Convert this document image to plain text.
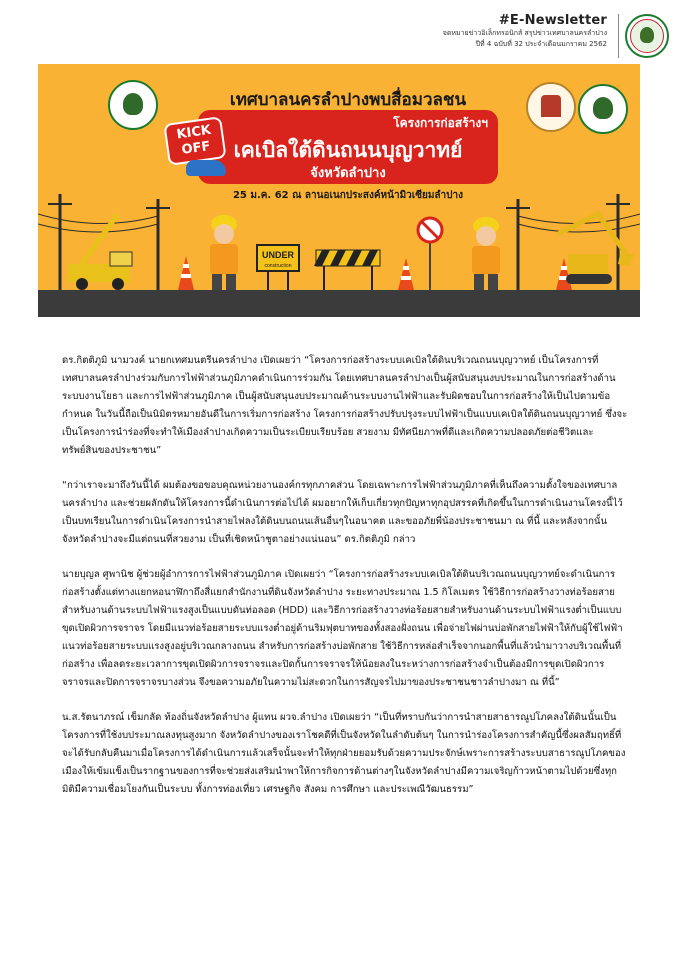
#E-Newsletter
จดหมายข่าวอิเล็กทรอนิกส์ สรุปข่าวเทศบาลนครลำปาง
ปีที่ 4 ฉบับที่ 32 ประจำเดือนมกราคม 2562
UNDER
construction
เทศบาลนครลำปางพบสื่อมวลชน
KICK OFF
โครงการก่อสร้างฯ
เคเบิลใต้ดินถนนบุญวาทย์
จังหวัดลำปาง
25 ม.ค. 62 ณ ลานอเนกประสงค์หน้ามิวเซียมลำปาง

ดร.กิตติภูมิ นามวงค์ นายกเทศมนตรีนครลำปาง เปิดเผยว่า “โครงการก่อสร้างระบบเคเบิลใต้ดินบริเวณถนนบุญวาทย์ เป็นโครงการที่เทศบาลนครลำปางร่วมกับการไฟฟ้าส่วนภูมิภาคดำเนินการร่วมกัน โดยเทศบาลนครลำปางเป็นผู้สนับสนุนงบประมาณในการก่อสร้างด้านระบบงานโยธา และการไฟฟ้าส่วนภูมิภาค เป็นผู้สนับสนุนงบประมาณด้านระบบงานไฟฟ้าและรับผิดชอบในการก่อสร้างให้เป็นไปตามข้อกำหนด ในวันนี้ถือเป็นนิมิตรหมายอันดีในการเริ่มการก่อสร้าง โครงการก่อสร้างปรับปรุงระบบไฟฟ้าเป็นแบบเคเบิลใต้ดินถนนบุญวาทย์ ซึ่งจะเป็นโครงการนำร่องที่จะทำให้เมืองลำปางเกิดความเป็นระเบียบเรียบร้อย สวยงาม มีทัศนียภาพที่ดีและเกิดความปลอดภัยต่อชีวิตและทรัพย์สินของประชาชน”

“กว่าเราจะมาถึงวันนี้ได้ ผมต้องขอขอบคุณหน่วยงานองค์กรทุกภาคส่วน โดยเฉพาะการไฟฟ้าส่วนภูมิภาคที่เห็นถึงความตั้งใจของเทศบาลนครลำปาง และช่วยผลักดันให้โครงการนี้ดำเนินการต่อไปได้ ผมอยากให้เก็บเกี่ยวทุกปัญหาทุกอุปสรรคที่เกิดขึ้นในการดำเนินงานโครงนี้ไว้เป็นบทเรียนในการดำเนินโครงการนำสายไฟลงใต้ดินบนถนนเส้นอื่นๆในอนาคต และขออภัยพี่น้องประชาชนมา ณ ที่นี้ และหลังจากนั้นจังหวัดลำปางจะมีแต่ถนนที่สวยงาม เป็นที่เชิดหน้าชูตาอย่างแน่นอน” ดร.กิตติภูมิ กล่าว

นายบุญล ศูพานิช ผู้ช่วยผู้อำการการไฟฟ้าส่วนภูมิภาค เปิดเผยว่า “โครงการก่อสร้างระบบเคเบิลใต้ดินบริเวณถนนบุญวาทย์จะดำเนินการก่อสร้างตั้งแต่ทางแยกหอนาฬิกาถึงสี่แยกสำนักงานที่ดินจังหวัดลำปาง ระยะทางประมาณ 1.5 กิโลเมตร ใช้วิธีการก่อสร้างวางท่อร้อยสายสำหรับงานด้านระบบไฟฟ้าแรงสูงเป็นแบบดันท่อลอด (HDD) และวิธีการก่อสร้างวางท่อร้อยสายสำหรับงานด้านระบบไฟฟ้าแรงต่ำเป็นแบบขุดเปิดผิวการจราจร โดยมีแนวท่อร้อยสายระบบแรงต่ำอยู่ด้านริมฟุตบาทของทั้งสองฝั่งถนน เพื่อจ่ายไฟผ่านบ่อพักสายไฟฟ้าให้กับผู้ใช้ไฟฟ้า แนวท่อร้อยสายระบบแรงสูงอยู่บริเวณกลางถนน สำหรับการก่อสร้างบ่อพักสาย ใช้วิธีการหล่อสำเร็จจากนอกพื้นที่แล้วนำมาวางบริเวณพื้นที่ก่อสร้าง เพื่อลดระยะเวลาการขุดเปิดผิวการจราจรและปิดกั้นการจราจรให้น้อยลงในระหว่างการก่อสร้างจำเป็นต้องมีการขุดเปิดผิวการจราจรและปิดการจราจรบางส่วน จึงขอความอภัยในความไม่สะดวกในการสัญจรไปมาของประชาชนชาวลำปางมา ณ ที่นี้”

น.ส.รัตนาภรณ์ เข็มกลัด ท้องถิ่นจังหวัดลำปาง ผู้แทน ผวจ.ลำปาง เปิดเผยว่า “เป็นที่ทราบกันว่าการนำสายสาธารณูปโภคลงใต้ดินนั้นเป็นโครงการที่ใช้งบประมาณลงทุนสูงมาก จังหวัดลำปางของเราโชคดีที่เป็นจังหวัดในลำดับต้นๆ ในการนำร่องโครงการสำคัญนี้ซึ่งผลสัมฤทธิ์ที่จะได้รับกลับคืนมาเมื่อโครงการได้ดำเนินการแล้วเสร็จนั้นจะทำให้ทุกฝ่ายยอมรับด้วยความประจักษ์เพราะการสร้างระบบสาธารณูปโภคของเมืองให้เข้มแข็งเป็นรากฐานของการที่จะช่วยส่งเสริมนำพาให้การกิจการด้านต่างๆในจังหวัดลำปางมีความเจริญก้าวหน้าตามไปด้วยซึ่งทุกมิติมีความเชื่อมโยงกันเป็นระบบ ทั้งการท่องเที่ยว เศรษฐกิจ สังคม การศึกษา และประเพณีวัฒนธรรม”
